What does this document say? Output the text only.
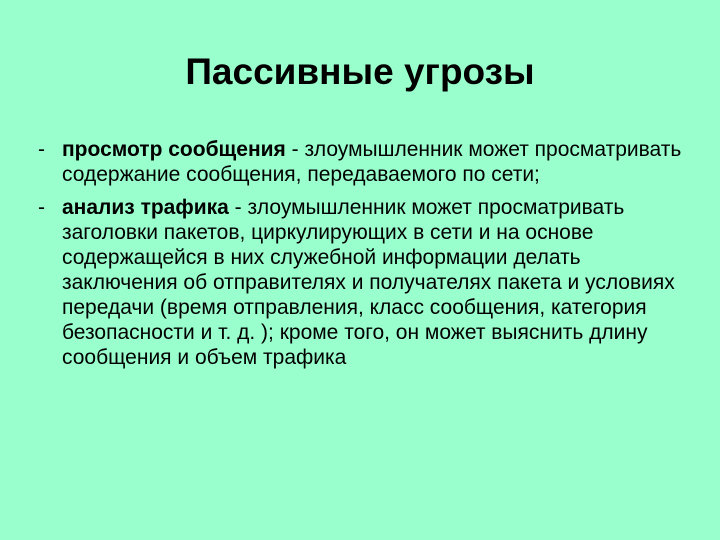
Пассивные угрозы
- просмотр сообщения - злоумышленник может просматривать содержание сообщения, передаваемого по сети;
- анализ трафика - злоумышленник может просматривать заголовки пакетов, циркулирующих в сети и на основе содержащейся в них служебной информации делать заключения об отправителях и получателях пакета и условиях передачи (время отправления, класс сообщения, категория безопасности и т. д. ); кроме того, он может выяснить длину сообщения и объем трафика
